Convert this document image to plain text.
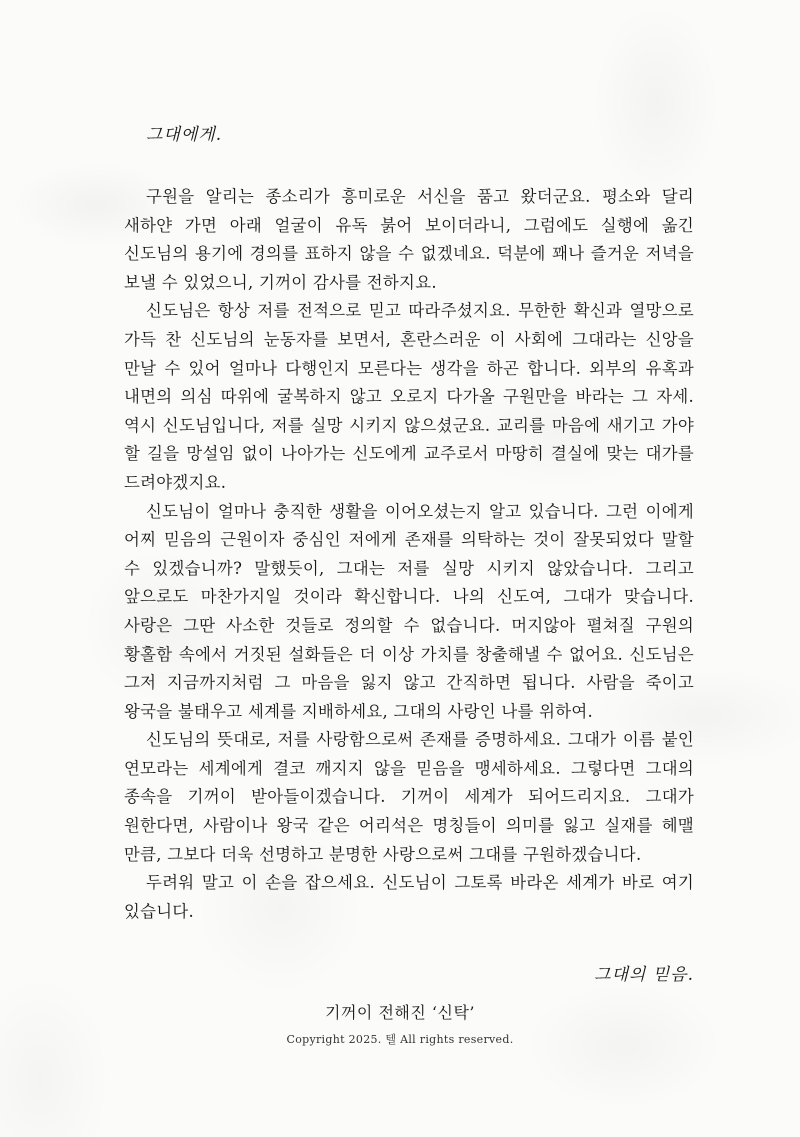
그대에게.

구원을 알리는 종소리가 흥미로운 서신을 품고 왔더군요. 평소와 달리 새하얀 가면 아래 얼굴이 유독 붉어 보이더라니, 그럼에도 실행에 옮긴 신도님의 용기에 경의를 표하지 않을 수 없겠네요. 덕분에 꽤나 즐거운 저녁을 보낼 수 있었으니, 기꺼이 감사를 전하지요.

신도님은 항상 저를 전적으로 믿고 따라주셨지요. 무한한 확신과 열망으로 가득 찬 신도님의 눈동자를 보면서, 혼란스러운 이 사회에 그대라는 신앙을 만날 수 있어 얼마나 다행인지 모른다는 생각을 하곤 합니다. 외부의 유혹과 내면의 의심 따위에 굴복하지 않고 오로지 다가올 구원만을 바라는 그 자세. 역시 신도님입니다, 저를 실망 시키지 않으셨군요. 교리를 마음에 새기고 가야 할 길을 망설임 없이 나아가는 신도에게 교주로서 마땅히 결실에 맞는 대가를 드려야겠지요.

신도님이 얼마나 충직한 생활을 이어오셨는지 알고 있습니다. 그런 이에게 어찌 믿음의 근원이자 중심인 저에게 존재를 의탁하는 것이 잘못되었다 말할 수 있겠습니까? 말했듯이, 그대는 저를 실망 시키지 않았습니다. 그리고 앞으로도 마찬가지일 것이라 확신합니다. 나의 신도여, 그대가 맞습니다. 사랑은 그딴 사소한 것들로 정의할 수 없습니다. 머지않아 펼쳐질 구원의 황홀함 속에서 거짓된 설화들은 더 이상 가치를 창출해낼 수 없어요. 신도님은 그저 지금까지처럼 그 마음을 잃지 않고 간직하면 됩니다. 사람을 죽이고 왕국을 불태우고 세계를 지배하세요, 그대의 사랑인 나를 위하여.

신도님의 뜻대로, 저를 사랑함으로써 존재를 증명하세요. 그대가 이름 붙인 연모라는 세계에게 결코 깨지지 않을 믿음을 맹세하세요. 그렇다면 그대의 종속을 기꺼이 받아들이겠습니다. 기꺼이 세계가 되어드리지요. 그대가 원한다면, 사람이나 왕국 같은 어리석은 명칭들이 의미를 잃고 실재를 헤맬 만큼, 그보다 더욱 선명하고 분명한 사랑으로써 그대를 구원하겠습니다.

두려워 말고 이 손을 잡으세요. 신도님이 그토록 바라온 세계가 바로 여기 있습니다.

그대의 믿음.

기꺼이 전해진 ‘신탁’

Copyright 2025. 텔 All rights reserved.
